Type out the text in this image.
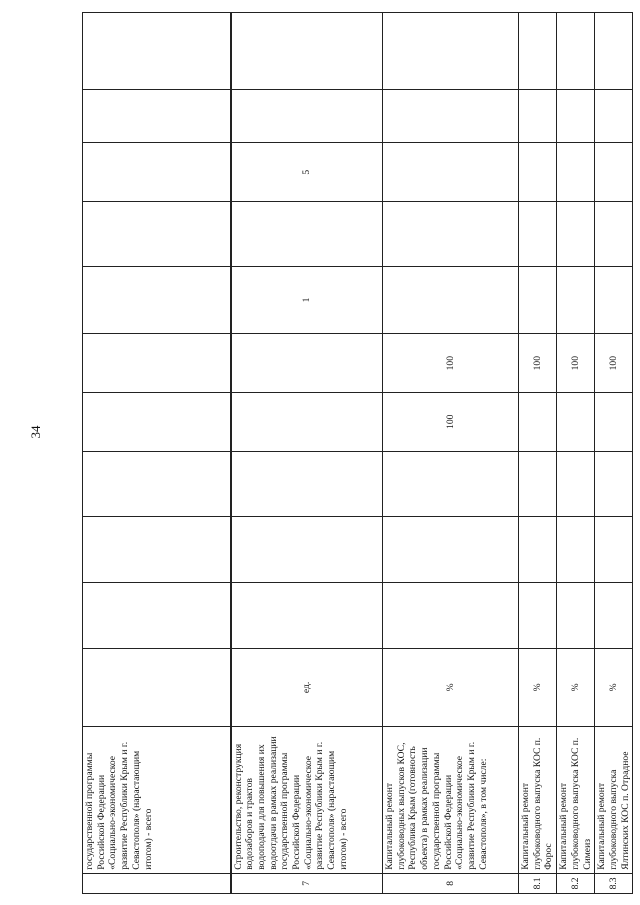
34
	государственной программы Российской Федерации «Социально-экономическое развитие Республики Крым и г. Севастополя» (нарастающим итогом) - всего											
7	Строительство, реконструкция водозаборов и трактов водоподачи для повышения их водоотдачи в рамках реализации государственной программы Российской Федерации «Социально-экономическое развитие Республики Крым и г. Севастополя» (нарастающим итогом) - всего	ед.						1		5		
8	Капитальный ремонт глубоководных выпусков КОС, Республика Крым (готовность объекта) в рамках реализации государственной программы Российской Федерации «Социально-экономическое развитие Республики Крым и г. Севастополя», в том числе:	%				100	100					
8.1	Капитальный ремонт глубоководного выпуска КОС п. Форос	%					100					
8.2	Капитальный ремонт глубоководного выпуска КОС п. Симеиз	%					100					
8.3	Капитальный ремонт глубоководного выпуска Ялтинских КОС п. Отрадное	%					100					
